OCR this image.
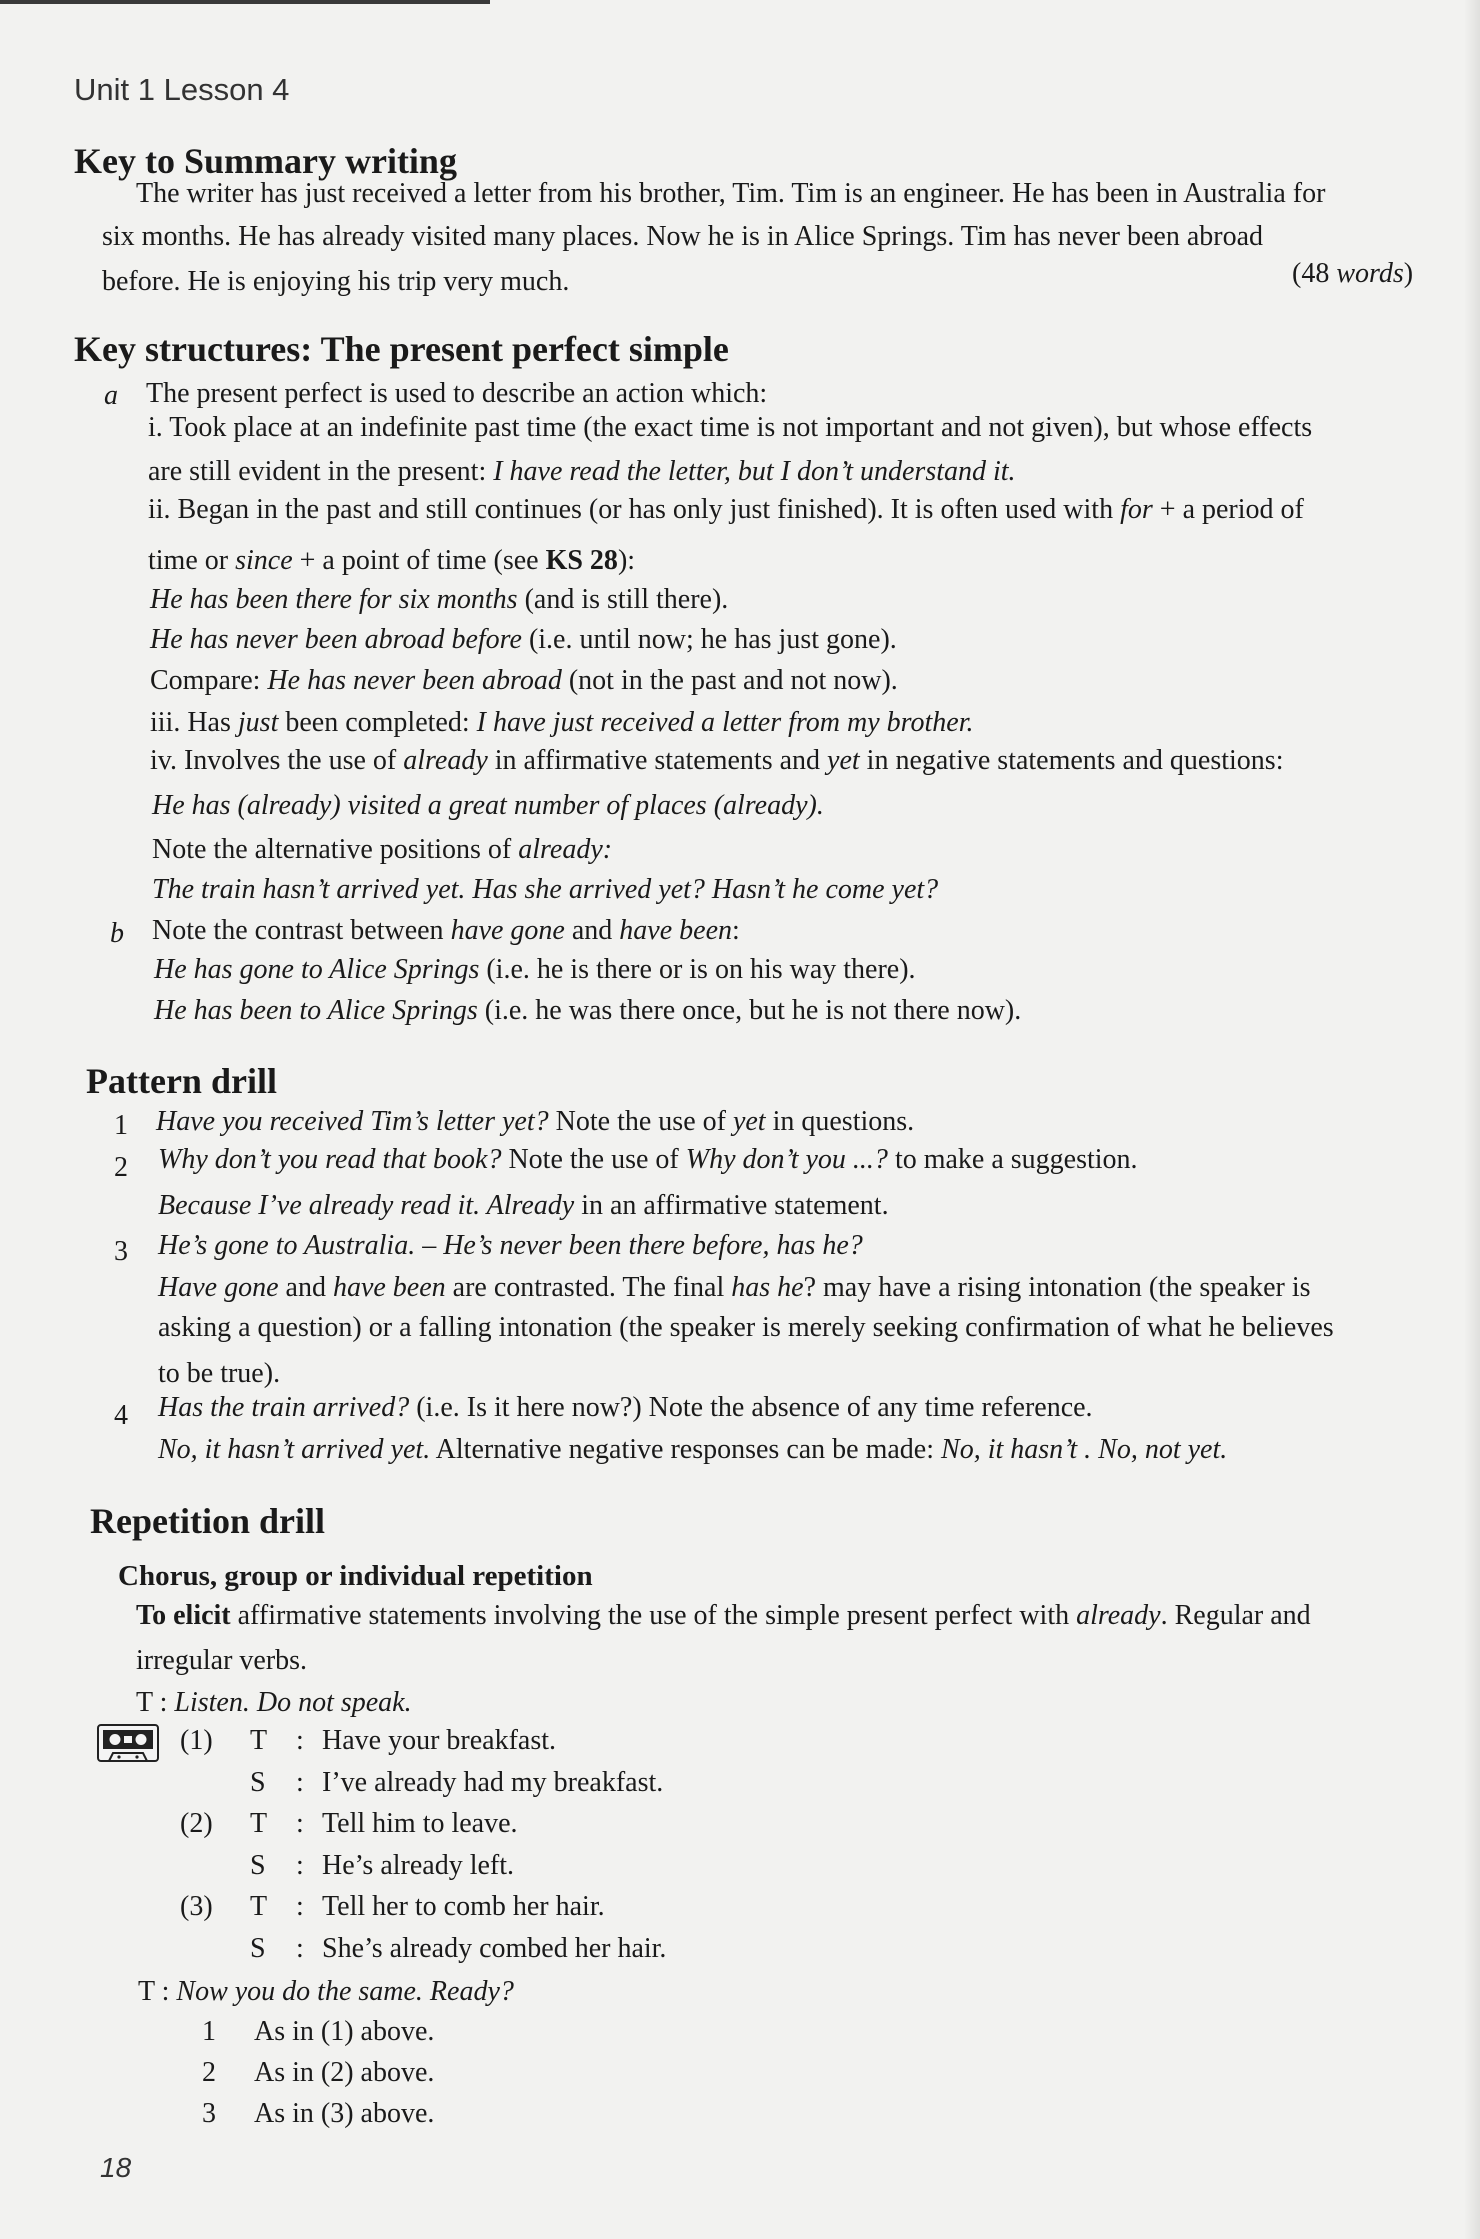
Unit 1 Lesson 4
Key to Summary writing
The writer has just received a letter from his brother, Tim. Tim is an engineer. He has been in Australia for
six months. He has already visited many places. Now he is in Alice Springs. Tim has never been abroad
before. He is enjoying his trip very much.	(48 words)
Key structures: The present perfect simple
a The present perfect is used to describe an action which:
i. Took place at an indefinite past time (the exact time is not important and not given), but whose effects
are still evident in the present: I have read the letter, but I don’t understand it.
ii. Began in the past and still continues (or has only just finished). It is often used with for + a period of
time or since + a point of time (see KS 28):
He has been there for six months (and is still there).
He has never been abroad before (i.e. until now; he has just gone).
Compare: He has never been abroad (not in the past and not now).
iii. Has just been completed: I have just received a letter from my brother.
iv. Involves the use of already in affirmative statements and yet in negative statements and questions:
He has (already) visited a great number of places (already).
Note the alternative positions of already:
The train hasn’t arrived yet. Has she arrived yet? Hasn’t he come yet?
b Note the contrast between have gone and have been:
He has gone to Alice Springs (i.e. he is there or is on his way there).
He has been to Alice Springs (i.e. he was there once, but he is not there now).
Pattern drill
1 Have you received Tim’s letter yet? Note the use of yet in questions.
2 Why don’t you read that book? Note the use of Why don’t you ...? to make a suggestion.
Because I’ve already read it. Already in an affirmative statement.
3 He’s gone to Australia. – He’s never been there before, has he?
Have gone and have been are contrasted. The final has he? may have a rising intonation (the speaker is
asking a question) or a falling intonation (the speaker is merely seeking confirmation of what he believes
to be true).
4 Has the train arrived? (i.e. Is it here now?) Note the absence of any time reference.
No, it hasn’t arrived yet. Alternative negative responses can be made: No, it hasn’t . No, not yet.
Repetition drill
Chorus, group or individual repetition
To elicit affirmative statements involving the use of the simple present perfect with already. Regular and
irregular verbs.
T : Listen. Do not speak.
(1) T : Have your breakfast.
S : I’ve already had my breakfast.
(2) T : Tell him to leave.
S : He’s already left.
(3) T : Tell her to comb her hair.
S : She’s already combed her hair.
T : Now you do the same. Ready?
1 As in (1) above.
2 As in (2) above.
3 As in (3) above.
18
